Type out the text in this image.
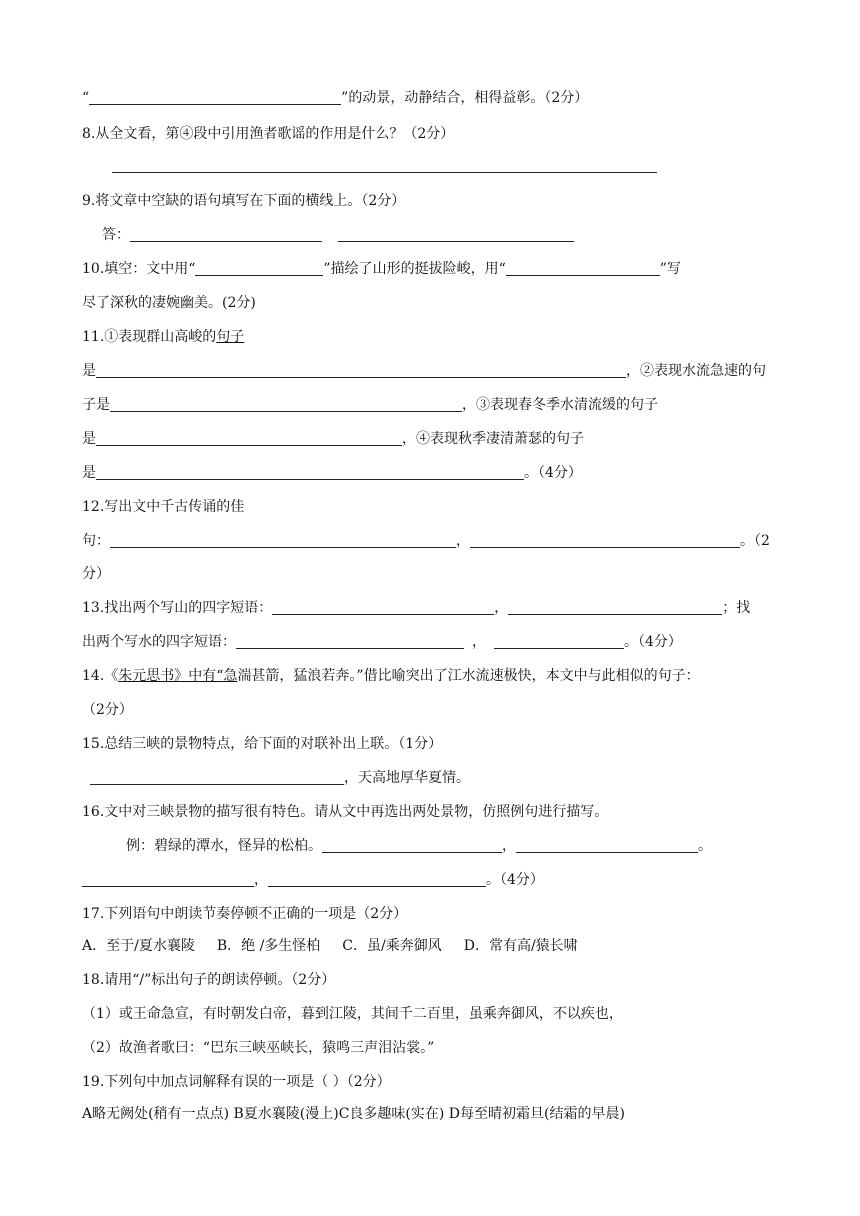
“	”的动景，动静结合，相得益彰。（2分）
8.从全文看，第④段中引用渔者歌谣的作用是什么？（2分）
9.将文章中空缺的语句填写在下面的横线上。（2分）
答：
10.填空：文中用“	”描绘了山形的挺拔险峻，用“	”写
尽了深秋的凄婉幽美。(2分)
11.①表现群山高峻的句子
是	，②表现水流急速的句
子是	，③表现春冬季水清流缓的句子
是	，④表现秋季凄清萧瑟的句子
是	。（4分）
12.写出文中千古传诵的佳
句：	，	。（2
分）
13.找出两个写山的四字短语：	，	；找
出两个写水的四字短语：	，	。（4分）
14.《朱元思书》中有“急湍甚箭，猛浪若奔。”借比喻突出了江水流速极快，本文中与此相似的句子：
（2分）
15.总结三峡的景物特点，给下面的对联补出上联。（1分）
，天高地厚华夏情。
16.文中对三峡景物的描写很有特色。请从文中再选出两处景物，仿照例句进行描写。
例：碧绿的潭水，怪异的松柏。	，	。
，	。（4分）
17.下列语句中朗读节奏停顿不正确的一项是（2分）
A．至于/夏水襄陵 B．绝 /多生怪柏 C．虽/乘奔御风 D．常有高/猿长啸
18.请用“/”标出句子的朗读停顿。（2分）
（1）或王命急宣，有时朝发白帝，暮到江陵，其间千二百里，虽乘奔御风，不以疾也，
（2）故渔者歌曰：“巴东三峡巫峡长，猿鸣三声泪沾裳。”
19.下列句中加点词解释有误的一项是（ ）（2分）
A略无阙处(稍有一点点) B夏水襄陵(漫上)C良多趣味(实在) D每至晴初霜旦(结霜的早晨)
